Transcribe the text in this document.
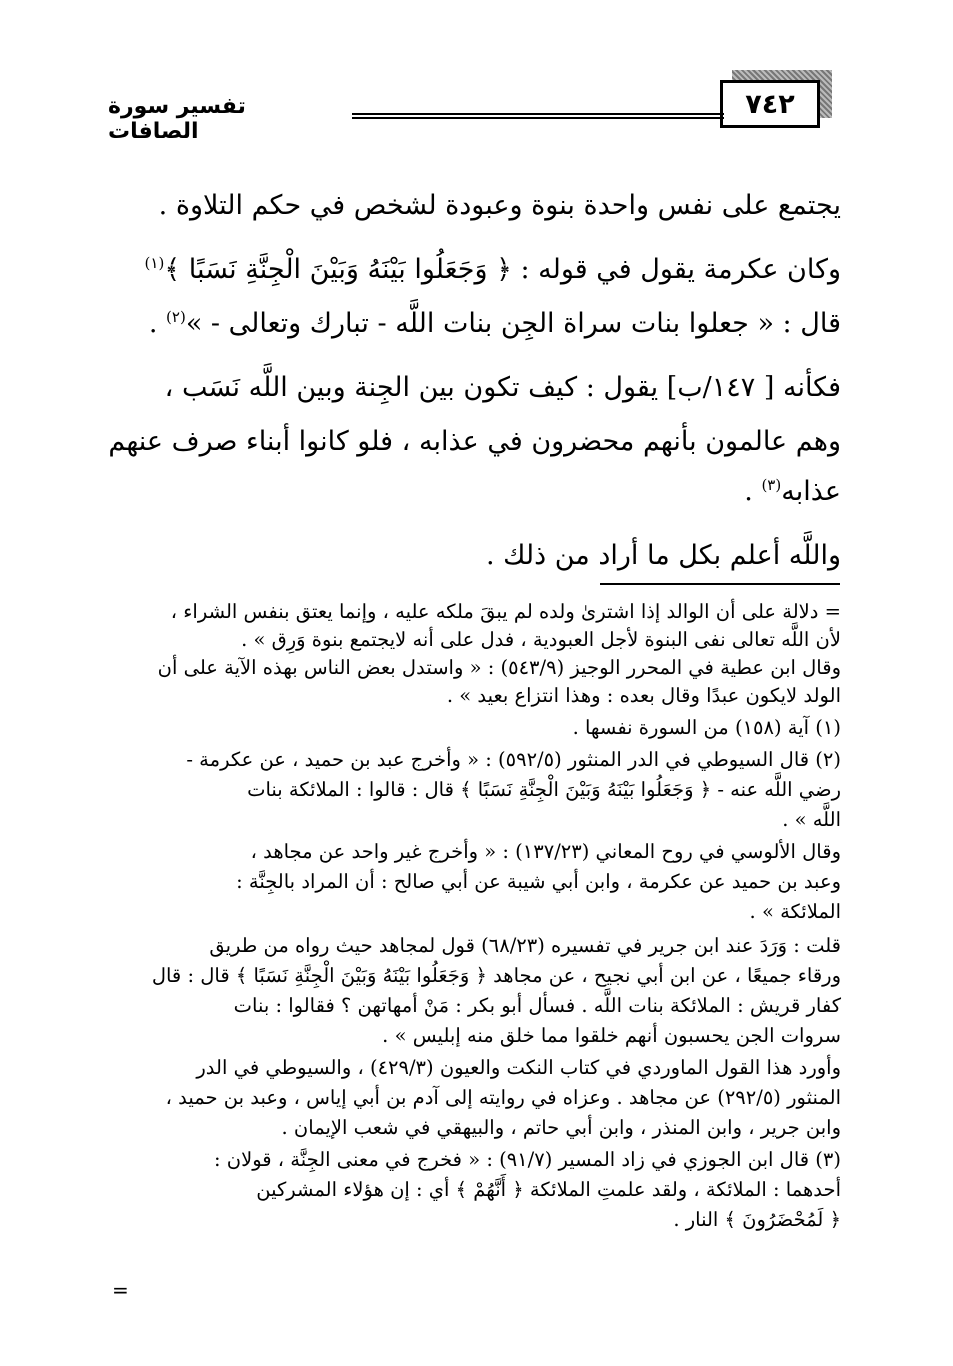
٧٤٢
تفسير سورة الصافات
يجتمع على نفس واحدة بنوة وعبودة لشخص في حكم التلاوة .
وكان عكرمة يقول في قوله : ﴿ وَجَعَلُوا بَيْنَهُ وَبَيْنَ الْجِنَّةِ نَسَبًا ﴾$^{(١)}$
قال : « جعلوا بنات سراة الجِن بنات اللَّه - تبارك وتعالى - »$^{(٢)}$ .
فكأنه [ ١٤٧/ب] يقول : كيف تكون بين الجِنة وبين اللَّه نَسَب ،
وهم عالمون بأنهم محضرون في عذابه ، فلو كانوا أبناء صرف عنهم
عذابه$^{(٣)}$ .
واللَّه أعلم بكل ما أراد من ذلك .
= دلالة على أن الوالد إذا اشترىٰ ولده لم يبقَ ملكه عليه ، وإنما يعتق بنفس الشراء ،
لأن اللَّه تعالى نفى البنوة لأجل العبودية ، فدل على أنه لايجتمع بنوة وَرِق » .
وقال ابن عطية في المحرر الوجيز (٥٤٣/٩) : « واستدل بعض الناس بهذه الآية على أن
الولد لايكون عبدًا وقال بعده : وهذا انتزاع بعيد » .
(١) آية (١٥٨) من السورة نفسها .
(٢) قال السيوطي في الدر المنثور (٥٩٢/٥) : « وأخرج عبد بن حميد ، عن عكرمة -
رضي اللَّه عنه - ﴿ وَجَعَلُوا بَيْنَهُ وَبَيْنَ الْجِنَّةِ نَسَبًا ﴾ قال : قالوا : الملائكة بنات
اللَّه » .
وقال الألوسي في روح المعاني (١٣٧/٢٣) : « وأخرج غير واحد عن مجاهد ،
وعبد بن حميد عن عكرمة ، وابن أبي شيبة عن أبي صالح : أن المراد بالجِنَّة :
الملائكة » .
قلت : وَرَدَ عند ابن جرير في تفسيره (٦٨/٢٣) قول لمجاهد حيث رواه من طريق
ورقاء جميعًا ، عن ابن أبي نجيح ، عن مجاهد ﴿ وَجَعَلُوا بَيْنَهُ وَبَيْنَ الْجِنَّةِ نَسَبًا ﴾ قال : قال
كفار قريش : الملائكة بنات اللَّه . فسأل أبو بكر : مَنْ أمهاتهن ؟ فقالوا : بنات
سروات الجن يحسبون أنهم خلقوا مما خلق منه إبليس » .
وأورد هذا القول الماوردي في كتاب النكت والعيون (٤٢٩/٣) ، والسيوطي في الدر
المنثور (٢٩٢/٥) عن مجاهد . وعزاه في روايته إلى آدم بن أبي إياس ، وعبد بن حميد ،
وابن جرير ، وابن المنذر ، وابن أبي حاتم ، والبيهقي في شعب الإيمان .
(٣) قال ابن الجوزي في زاد المسير (٩١/٧) : « فخرج في معنى الجِنَّة ، قولان :
أحدهما : الملائكة ، ولقد علمتِ الملائكة ﴿ أَنَّهُمْ ﴾ أي : إن هؤلاء المشركين
﴿ لَمُحْضَرُونَ ﴾ النار .
=
